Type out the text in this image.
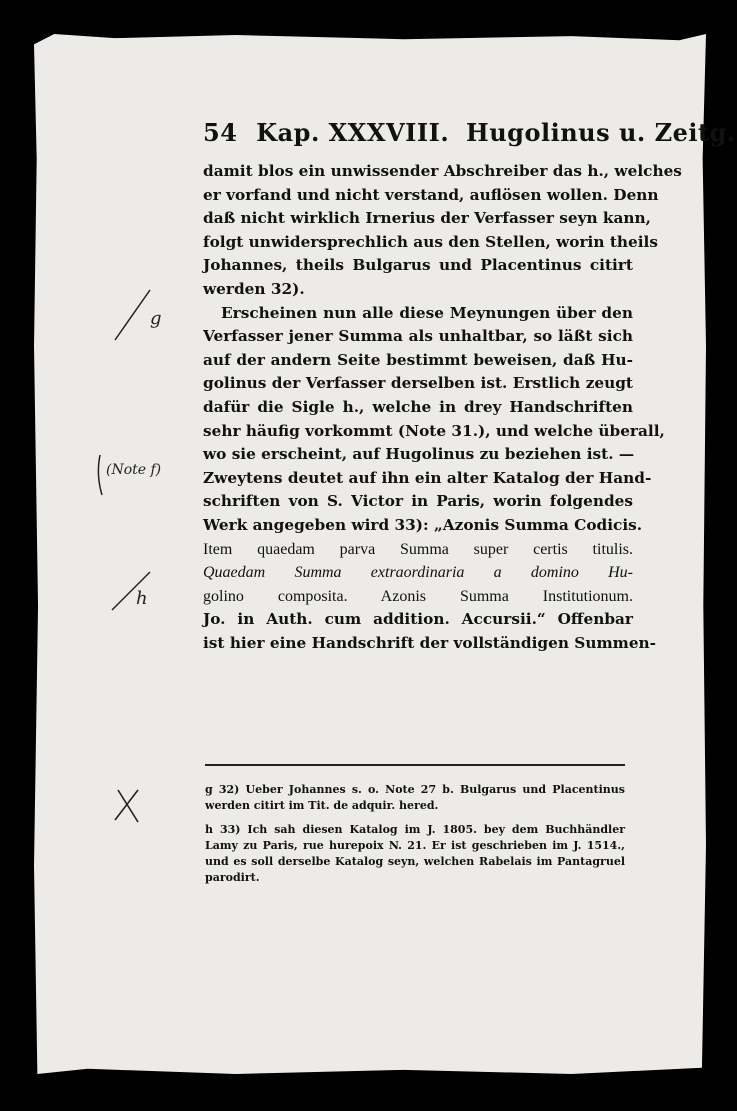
54 Kap. XXXVIII. Hugolinus u. Zeitg.
damit blos ein unwissender Abschreiber das h., welches
er vorfand und nicht verstand, auflösen wollen. Denn
daß nicht wirklich Irnerius der Verfasser seyn kann,
folgt unwidersprechlich aus den Stellen, worin theils
Johannes, theils Bulgarus und Placentinus citirt
werden 32).
Erscheinen nun alle diese Meynungen über den
Verfasser jener Summa als unhaltbar, so läßt sich
auf der andern Seite bestimmt beweisen, daß Hu-
golinus der Verfasser derselben ist. Erstlich zeugt
dafür die Sigle h., welche in drey Handschriften
sehr häufig vorkommt (Note 31.), und welche überall,
wo sie erscheint, auf Hugolinus zu beziehen ist. —
Zweytens deutet auf ihn ein alter Katalog der Hand-
schriften von S. Victor in Paris, worin folgendes
Werk angegeben wird 33): „Azonis Summa Codicis.
Item quaedam parva Summa super certis titulis.
Quaedam Summa extraordinaria a domino Hu-
golino composita. Azonis Summa Institutionum.
Jo. in Auth. cum addition. Accursii.“ Offenbar
ist hier eine Handschrift der vollständigen Summen-
g 32) Ueber Johannes s. o. Note 27 b. Bulgarus und Placentinus
werden citirt im Tit. de adquir. hered.
h 33) Ich sah diesen Katalog im J. 1805. bey dem Buchhändler
Lamy zu Paris, rue hurepoix N. 21. Er ist geschrieben im J. 1514.,
und es soll derselbe Katalog seyn, welchen Rabelais im Pantagruel
parodirt.
g
(Note f)
h
